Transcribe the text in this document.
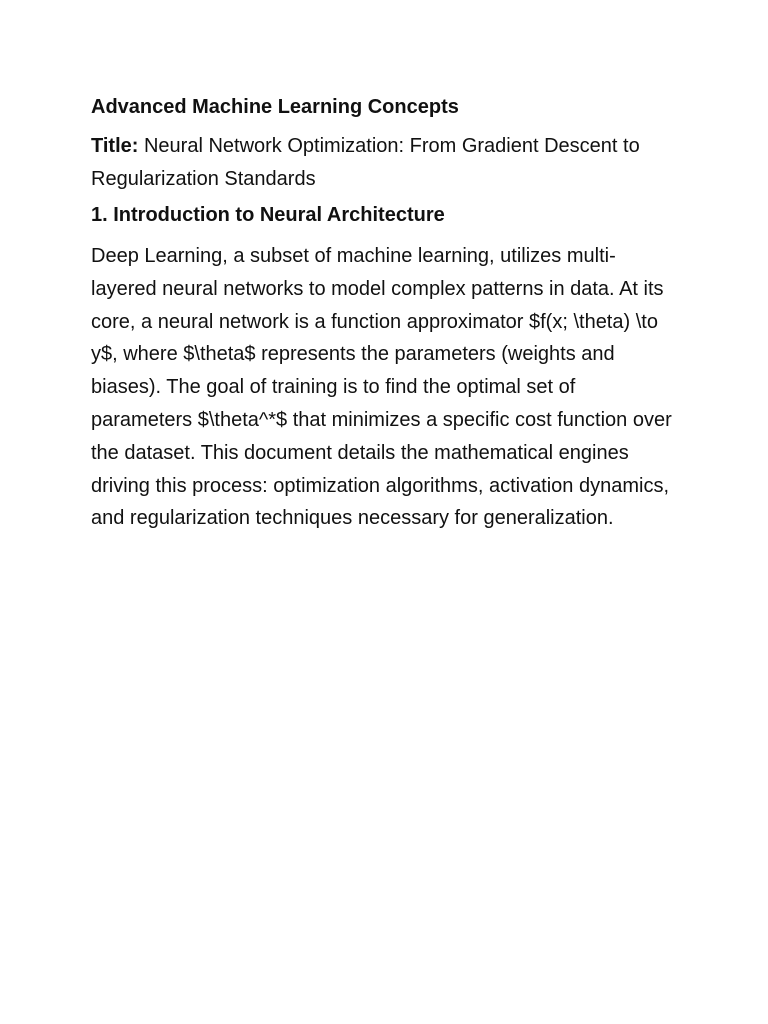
Advanced Machine Learning Concepts

Title: Neural Network Optimization: From Gradient Descent to Regularization Standards

1. Introduction to Neural Architecture

Deep Learning, a subset of machine learning, utilizes multi-layered neural networks to model complex patterns in data. At its core, a neural network is a function approximator $f(x; \theta) \to y$, where $\theta$ represents the parameters (weights and biases). The goal of training is to find the optimal set of parameters $\theta^*$ that minimizes a specific cost function over the dataset. This document details the mathematical engines driving this process: optimization algorithms, activation dynamics, and regularization techniques necessary for generalization.
